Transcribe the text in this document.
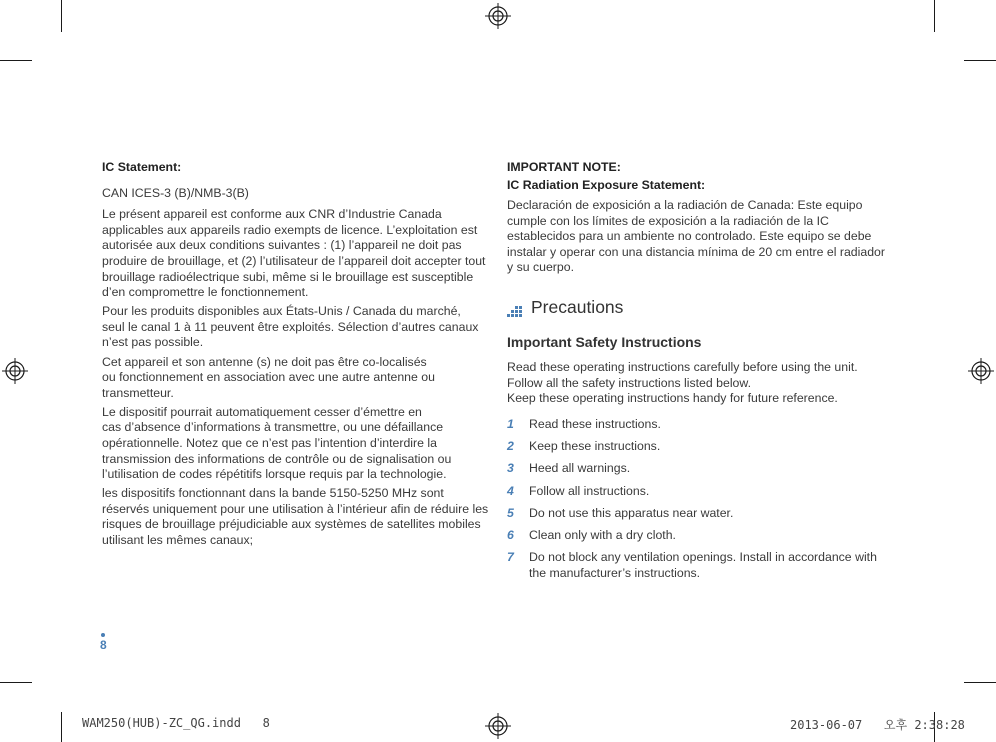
IC Statement:

CAN ICES-3 (B)/NMB-3(B)

Le présent appareil est conforme aux CNR d’Industrie Canada
applicables aux appareils radio exempts de licence. L’exploitation est
autorisée aux deux conditions suivantes : (1) l’appareil ne doit pas
produire de brouillage, et (2) l’utilisateur de l’appareil doit accepter tout
brouillage radioélectrique subi, même si le brouillage est susceptible
d’en compromettre le fonctionnement.

Pour les produits disponibles aux États-Unis / Canada du marché,
seul le canal 1 à 11 peuvent être exploités. Sélection d’autres canaux
n’est pas possible.

Cet appareil et son antenne (s) ne doit pas être co-localisés
ou fonctionnement en association avec une autre antenne ou
transmetteur.

Le dispositif pourrait automatiquement cesser d’émettre en
cas d’absence d’informations à transmettre, ou une défaillance
opérationnelle. Notez que ce n’est pas l’intention d’interdire la
transmission des informations de contrôle ou de signalisation ou
l’utilisation de codes répétitifs lorsque requis par la technologie.

les dispositifs fonctionnant dans la bande 5150-5250 MHz sont
réservés uniquement pour une utilisation à l’intérieur afin de réduire les
risques de brouillage préjudiciable aux systèmes de satellites mobiles
utilisant les mêmes canaux;

IMPORTANT NOTE:
IC Radiation Exposure Statement:
Declaración de exposición a la radiación de Canada: Este equipo
cumple con los límites de exposición a la radiación de la IC
establecidos para un ambiente no controlado. Este equipo se debe
instalar y operar con una distancia mínima de 20 cm entre el radiador
y su cuerpo.
Precautions
Important Safety Instructions
Read these operating instructions carefully before using the unit.
Follow all the safety instructions listed below.
Keep these operating instructions handy for future reference.
1 Read these instructions.
2 Keep these instructions.
3 Heed all warnings.
4 Follow all instructions.
5 Do not use this apparatus near water.
6 Clean only with a dry cloth.
7 Do not block any ventilation openings. Install in accordance with
the manufacturer’s instructions.
8
WAM250(HUB)-ZC_QG.indd   8	2013-06-07   오후 2:38:28
